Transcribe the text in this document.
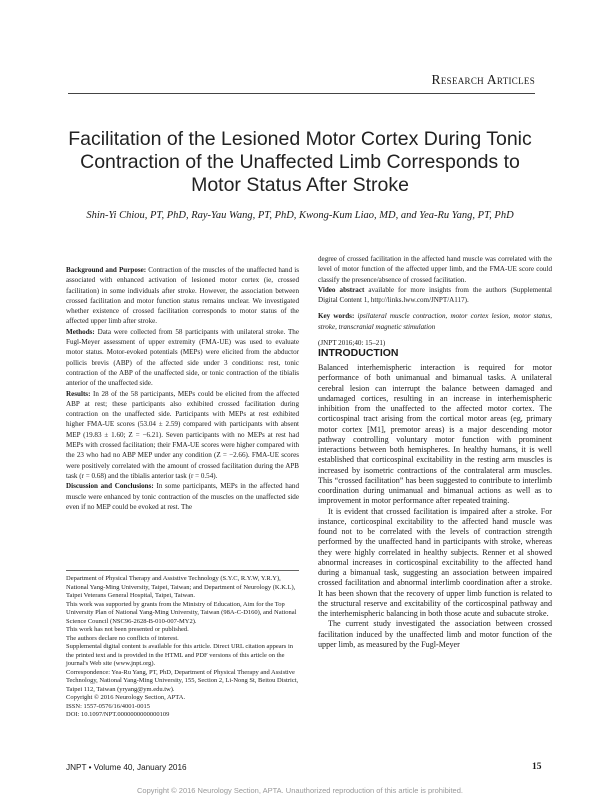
Research Articles
Facilitation of the Lesioned Motor Cortex During Tonic Contraction of the Unaffected Limb Corresponds to Motor Status After Stroke
Shin-Yi Chiou, PT, PhD, Ray-Yau Wang, PT, PhD, Kwong-Kum Liao, MD, and Yea-Ru Yang, PT, PhD

Background and Purpose: Contraction of the muscles of the unaffected hand is associated with enhanced activation of lesioned motor cortex (ie, crossed facilitation) in some individuals after stroke. However, the association between crossed facilitation and motor function status remains unclear. We investigated whether existence of crossed facilitation corresponds to motor status of the affected upper limb after stroke.

Methods: Data were collected from 58 participants with unilateral stroke. The Fugl-Meyer assessment of upper extremity (FMA-UE) was used to evaluate motor status. Motor-evoked potentials (MEPs) were elicited from the abductor pollicis brevis (ABP) of the affected side under 3 conditions: rest, tonic contraction of the ABP of the unaffected side, or tonic contraction of the tibialis anterior of the unaffected side.

Results: In 28 of the 58 participants, MEPs could be elicited from the affected ABP at rest; these participants also exhibited crossed facilitation during contraction on the unaffected side. Participants with MEPs at rest exhibited higher FMA-UE scores (53.04 ± 2.59) compared with participants with absent MEP (19.83 ± 1.60; Z = −6.21). Seven participants with no MEPs at rest had MEPs with crossed facilitation; their FMA-UE scores were higher compared with the 23 who had no ABP MEP under any condition (Z = −2.66). FMA-UE scores were positively correlated with the amount of crossed facilitation during the APB task (r = 0.68) and the tibialis anterior task (r = 0.54).

Discussion and Conclusions: In some participants, MEPs in the affected hand muscle were enhanced by tonic contraction of the muscles on the unaffected side even if no MEP could be evoked at rest. The

Department of Physical Therapy and Assistive Technology (S.Y.C, R.Y.W, Y.R.Y), National Yang-Ming University, Taipei, Taiwan; and Department of Neurology (K.K.L), Taipei Veterans General Hospital, Taipei, Taiwan.

This work was supported by grants from the Ministry of Education, Aim for the Top University Plan of National Yang-Ming University, Taiwan (98A-C-D160), and National Science Council (NSC96-2628-B-010-007-MY2).

This work has not been presented or published.

The authors declare no conflicts of interest.

Supplemental digital content is available for this article. Direct URL citation appears in the printed text and is provided in the HTML and PDF versions of this article on the journal's Web site (www.jnpt.org).

Correspondence: Yea-Ru Yang, PT, PhD, Department of Physical Therapy and Assistive Technology, National Yang-Ming University, 155, Section 2, Li-Nong St, Beitou District, Taipei 112, Taiwan (yryang@ym.edu.tw).

Copyright © 2016 Neurology Section, APTA.

ISSN: 1557-0576/16/4001-0015

DOI: 10.1097/NPT.0000000000000109

degree of crossed facilitation in the affected hand muscle was correlated with the level of motor function of the affected upper limb, and the FMA-UE score could classify the presence/absence of crossed facilitation.

Video abstract available for more insights from the authors (Supplemental Digital Content 1, http://links.lww.com/JNPT/A117).

Key words: ipsilateral muscle contraction, motor cortex lesion, motor status, stroke, transcranial magnetic stimulation

(JNPT 2016;40: 15–21)

INTRODUCTION

Balanced interhemispheric interaction is required for motor performance of both unimanual and bimanual tasks. A unilateral cerebral lesion can interrupt the balance between damaged and undamaged cortices, resulting in an increase in interhemispheric inhibition from the unaffected to the affected motor cortex. The corticospinal tract arising from the cortical motor areas (eg, primary motor cortex [M1], premotor areas) is a major descending motor pathway controlling voluntary motor function with prominent interactions between both hemispheres. In healthy humans, it is well established that corticospinal excitability in the resting arm muscles is increased by isometric contractions of the contralateral arm muscles. This “crossed facilitation” has been suggested to contribute to interlimb coordination during unimanual and bimanual actions as well as to improvement in motor performance after repeated training.

It is evident that crossed facilitation is impaired after a stroke. For instance, corticospinal excitability to the affected hand muscle was found not to be correlated with the levels of contraction strength performed by the unaffected hand in participants with stroke, whereas they were highly correlated in healthy subjects. Renner et al showed abnormal increases in corticospinal excitability to the affected hand during a bimanual task, suggesting an association between impaired crossed facilitation and abnormal interlimb coordination after a stroke. It has been shown that the recovery of upper limb function is related to the structural reserve and excitability of the corticospinal pathway and the interhemispheric balancing in both those acute and subacute stroke.

The current study investigated the association between crossed facilitation induced by the unaffected limb and motor function of the upper limb, as measured by the Fugl-Meyer

JNPT • Volume 40, January 2016	15
Copyright © 2016 Neurology Section, APTA. Unauthorized reproduction of this article is prohibited.
